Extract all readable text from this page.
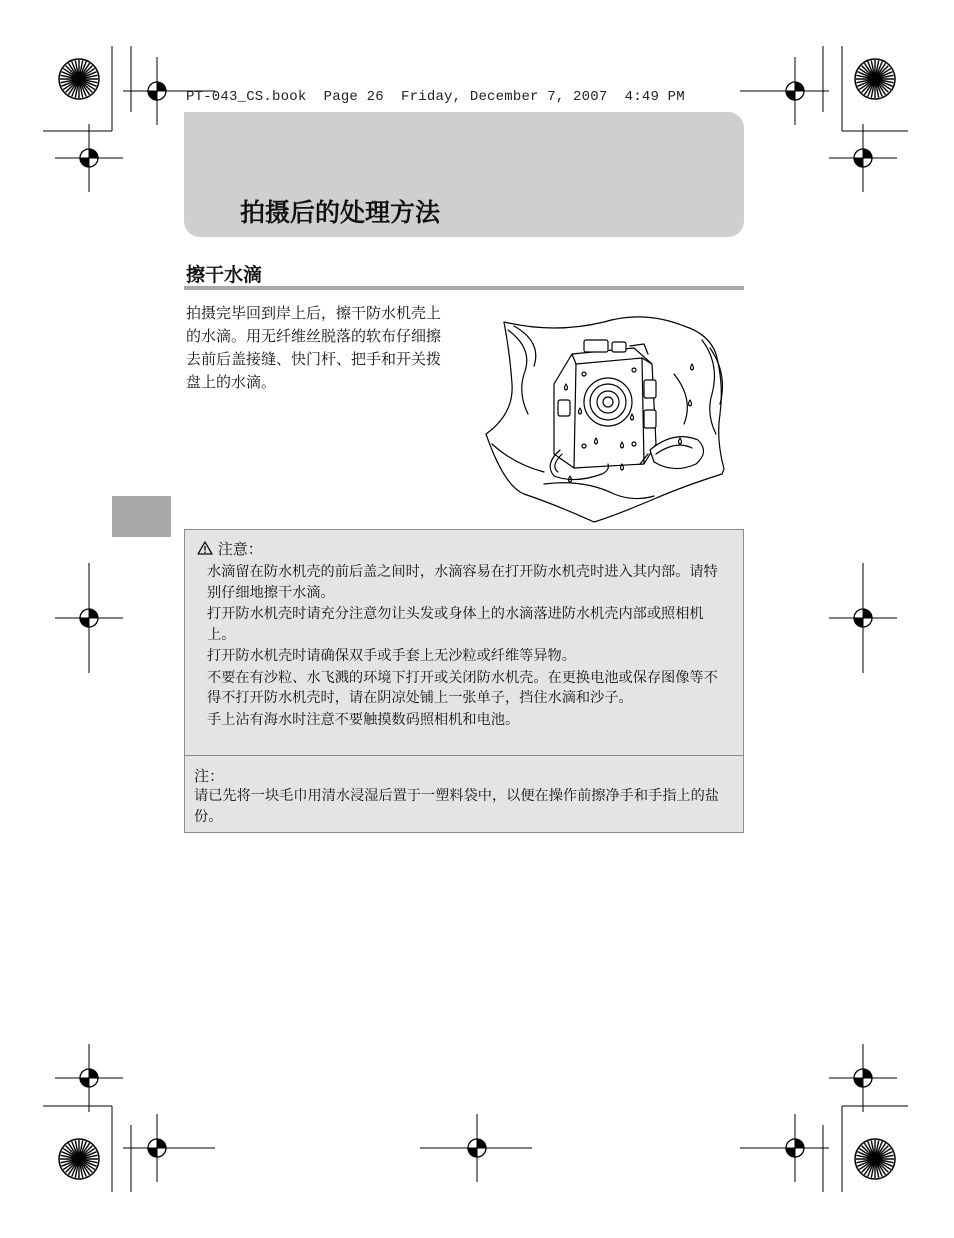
PT-043_CS.book  Page 26  Friday, December 7, 2007  4:49 PM
拍摄后的处理方法
擦干水滴
拍摄完毕回到岸上后，擦干防水机壳上的水滴。用无纤维丝脱落的软布仔细擦去前后盖接缝、快门杆、把手和开关拨盘上的水滴。
注意：
水滴留在防水机壳的前后盖之间时，水滴容易在打开防水机壳时进入其内部。请特别仔细地擦干水滴。
打开防水机壳时请充分注意勿让头发或身体上的水滴落进防水机壳内部或照相机上。
打开防水机壳时请确保双手或手套上无沙粒或纤维等异物。
不要在有沙粒、水飞溅的环境下打开或关闭防水机壳。在更换电池或保存图像等不得不打开防水机壳时，请在阴凉处铺上一张单子，挡住水滴和沙子。
手上沾有海水时注意不要触摸数码照相机和电池。
注：
请已先将一块毛巾用清水浸湿后置于一塑料袋中，以便在操作前擦净手和手指上的盐份。
